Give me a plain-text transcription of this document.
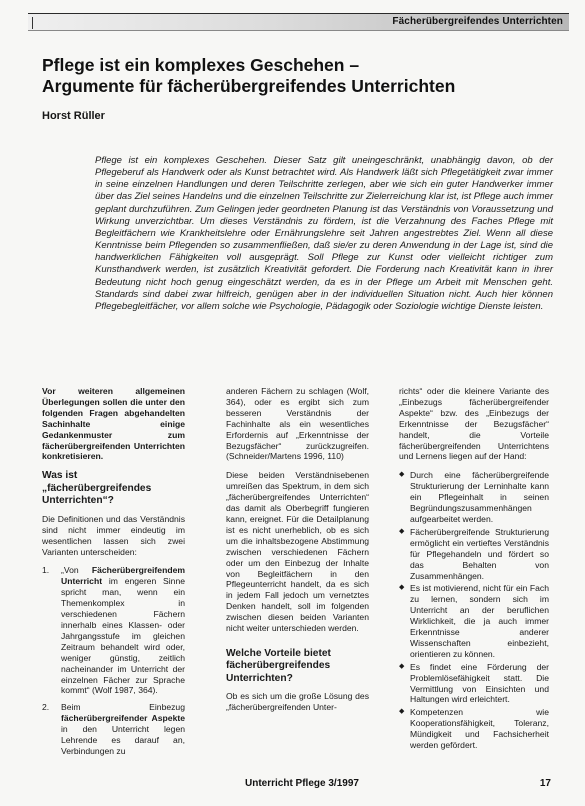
Fächerübergreifendes Unterrichten
Pflege ist ein komplexes Geschehen –
Argumente für fächerübergreifendes Unterrichten
Horst Rüller
Pflege ist ein komplexes Geschehen. Dieser Satz gilt uneingeschränkt, unabhängig davon, ob der Pflegeberuf als Handwerk oder als Kunst betrachtet wird. Als Handwerk läßt sich Pflegetätigkeit zwar immer in seine einzelnen Handlungen und deren Teilschritte zerlegen, aber wie sich ein guter Handwerker immer über das Ziel seines Handelns und die einzelnen Teilschritte zur Zielerreichung klar ist, ist Pflege auch immer geplant durchzuführen. Zum Gelingen jeder geordneten Planung ist das Verständnis von Voraussetzung und Wirkung unverzichtbar. Um dieses Verständnis zu fördern, ist die Verzahnung des Faches Pflege mit Begleitfächern wie Krankheitslehre oder Ernährungslehre seit Jahren angestrebtes Ziel. Wenn all diese Kenntnisse beim Pflegenden so zusammenfließen, daß sie/er zu deren Anwendung in der Lage ist, sind die handwerklichen Fähigkeiten voll ausgeprägt. Soll Pflege zur Kunst oder vielleicht richtiger zum Kunsthandwerk werden, ist zusätzlich Kreativität gefordert. Die Forderung nach Kreativität kann in ihrer Bedeutung nicht hoch genug eingeschätzt werden, da es in der Pflege um Arbeit mit Menschen geht. Standards sind dabei zwar hilfreich, genügen aber in der individuellen Situation nicht. Auch hier können Pflegebegleitfächer, vor allem solche wie Psychologie, Pädagogik oder Soziologie wichtige Dienste leisten.

Vor weiteren allgemeinen Überlegungen sollen die unter den folgenden Fragen abgehandelten Sachinhalte einige Gedankenmuster zum fächerübergreifenden Unterrichten konkretisieren.

Was ist „fächerübergreifendes Unterrichten“?

Die Definitionen und das Verständnis sind nicht immer eindeutig im wesentlichen lassen sich zwei Varianten unterscheiden:

1. „Von Fächerübergreifendem Unterricht im engeren Sinne spricht man, wenn ein Themenkomplex in verschiedenen Fächern innerhalb eines Klassen- oder Jahrgangsstufe im gleichen Zeitraum behandelt wird oder, weniger günstig, zeitlich nacheinander im Unterricht der einzelnen Fächer zur Sprache kommt“ (Wolf 1987, 364).
2. Beim Einbezug fächerübergreifender Aspekte in den Unterricht legen Lehrende es darauf an, Verbindungen zu

anderen Fächern zu schlagen (Wolf, 364), oder es ergibt sich zum besseren Verständnis der Fachinhalte als ein wesentliches Erfordernis auf „Erkenntnisse der Bezugsfächer“ zurückzugreifen. (Schneider/Martens 1996, 110)

Diese beiden Verständnisebenen umreißen das Spektrum, in dem sich „fächerübergreifendes Unterrichten“ das damit als Oberbegriff fungieren kann, ereignet. Für die Detailplanung ist es nicht unerheblich, ob es sich um die inhaltsbezogene Abstimmung zwischen verschiedenen Fächern oder um den Einbezug der Inhalte von Begleitfächern in den Pflegeunterricht handelt, da es sich in jedem Fall jedoch um vernetztes Denken handelt, soll im folgenden zwischen diesen beiden Varianten nicht weiter unterschieden werden.

Welche Vorteile bietet fächerübergreifendes Unterrichten?

Ob es sich um die große Lösung des „fächerübergreifenden Unter-

richts“ oder die kleinere Variante des „Einbezugs fächerübergreifender Aspekte“ bzw. des „Einbezugs der Erkenntnisse der Bezugsfächer“ handelt, die Vorteile fächerübergreifenden Unterrichtens und Lernens liegen auf der Hand:

◆ Durch eine fächerübergreifende Strukturierung der Lerninhalte kann ein Pflegeinhalt in seinen Begründungszusammenhängen aufgearbeitet werden.
◆ Fächerübergreifende Strukturierung ermöglicht ein vertieftes Verständnis für Pflegehandeln und fördert so das Behalten von Zusammenhängen.
◆ Es ist motivierend, nicht für ein Fach zu lernen, sondern sich im Unterricht an der beruflichen Wirklichkeit, die ja auch immer Erkenntnisse anderer Wissenschaften einbezieht, orientieren zu können.
◆ Es findet eine Förderung der Problemlösefähigkeit statt. Die Vermittlung von Einsichten und Haltungen wird erleichtert.
◆ Kompetenzen wie Kooperationsfähigkeit, Toleranz, Mündigkeit und Fachsicherheit werden gefördert.
Unterricht Pflege 3/1997	17
